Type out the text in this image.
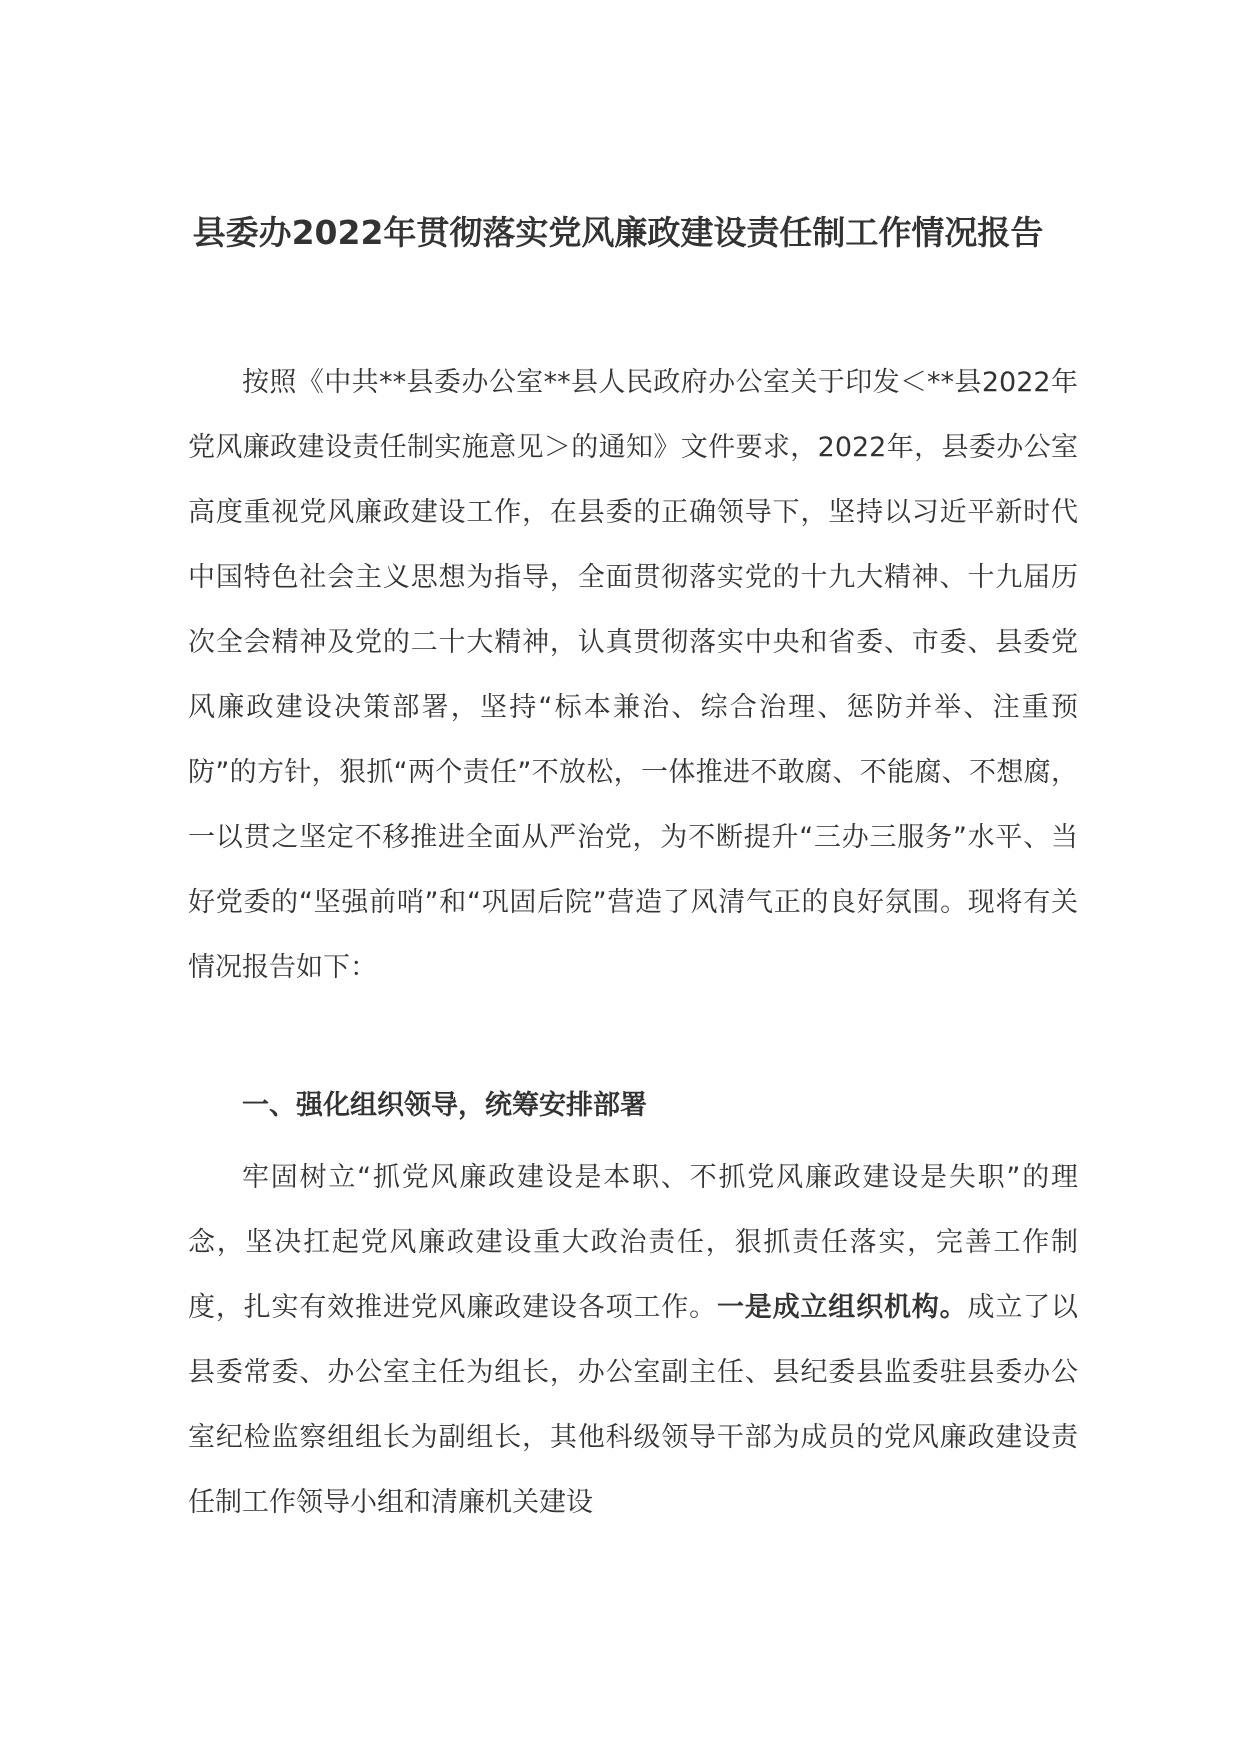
县委办2022年贯彻落实党风廉政建设责任制工作情况报告

按照《中共**县委办公室**县人民政府办公室关于印发＜**县2022年党风廉政建设责任制实施意见＞的通知》文件要求，2022年，县委办公室高度重视党风廉政建设工作，在县委的正确领导下，坚持以习近平新时代中国特色社会主义思想为指导，全面贯彻落实党的十九大精神、十九届历次全会精神及党的二十大精神，认真贯彻落实中央和省委、市委、县委党风廉政建设决策部署，坚持“标本兼治、综合治理、惩防并举、注重预防”的方针，狠抓“两个责任”不放松，一体推进不敢腐、不能腐、不想腐，一以贯之坚定不移推进全面从严治党，为不断提升“三办三服务”水平、当好党委的“坚强前哨”和“巩固后院”营造了风清气正的良好氛围。现将有关情况报告如下：

一、强化组织领导，统筹安排部署

牢固树立“抓党风廉政建设是本职、不抓党风廉政建设是失职”的理念，坚决扛起党风廉政建设重大政治责任，狠抓责任落实，完善工作制度，扎实有效推进党风廉政建设各项工作。一是成立组织机构。成立了以县委常委、办公室主任为组长，办公室副主任、县纪委县监委驻县委办公室纪检监察组组长为副组长，其他科级领导干部为成员的党风廉政建设责任制工作领导小组和清廉机关建设
